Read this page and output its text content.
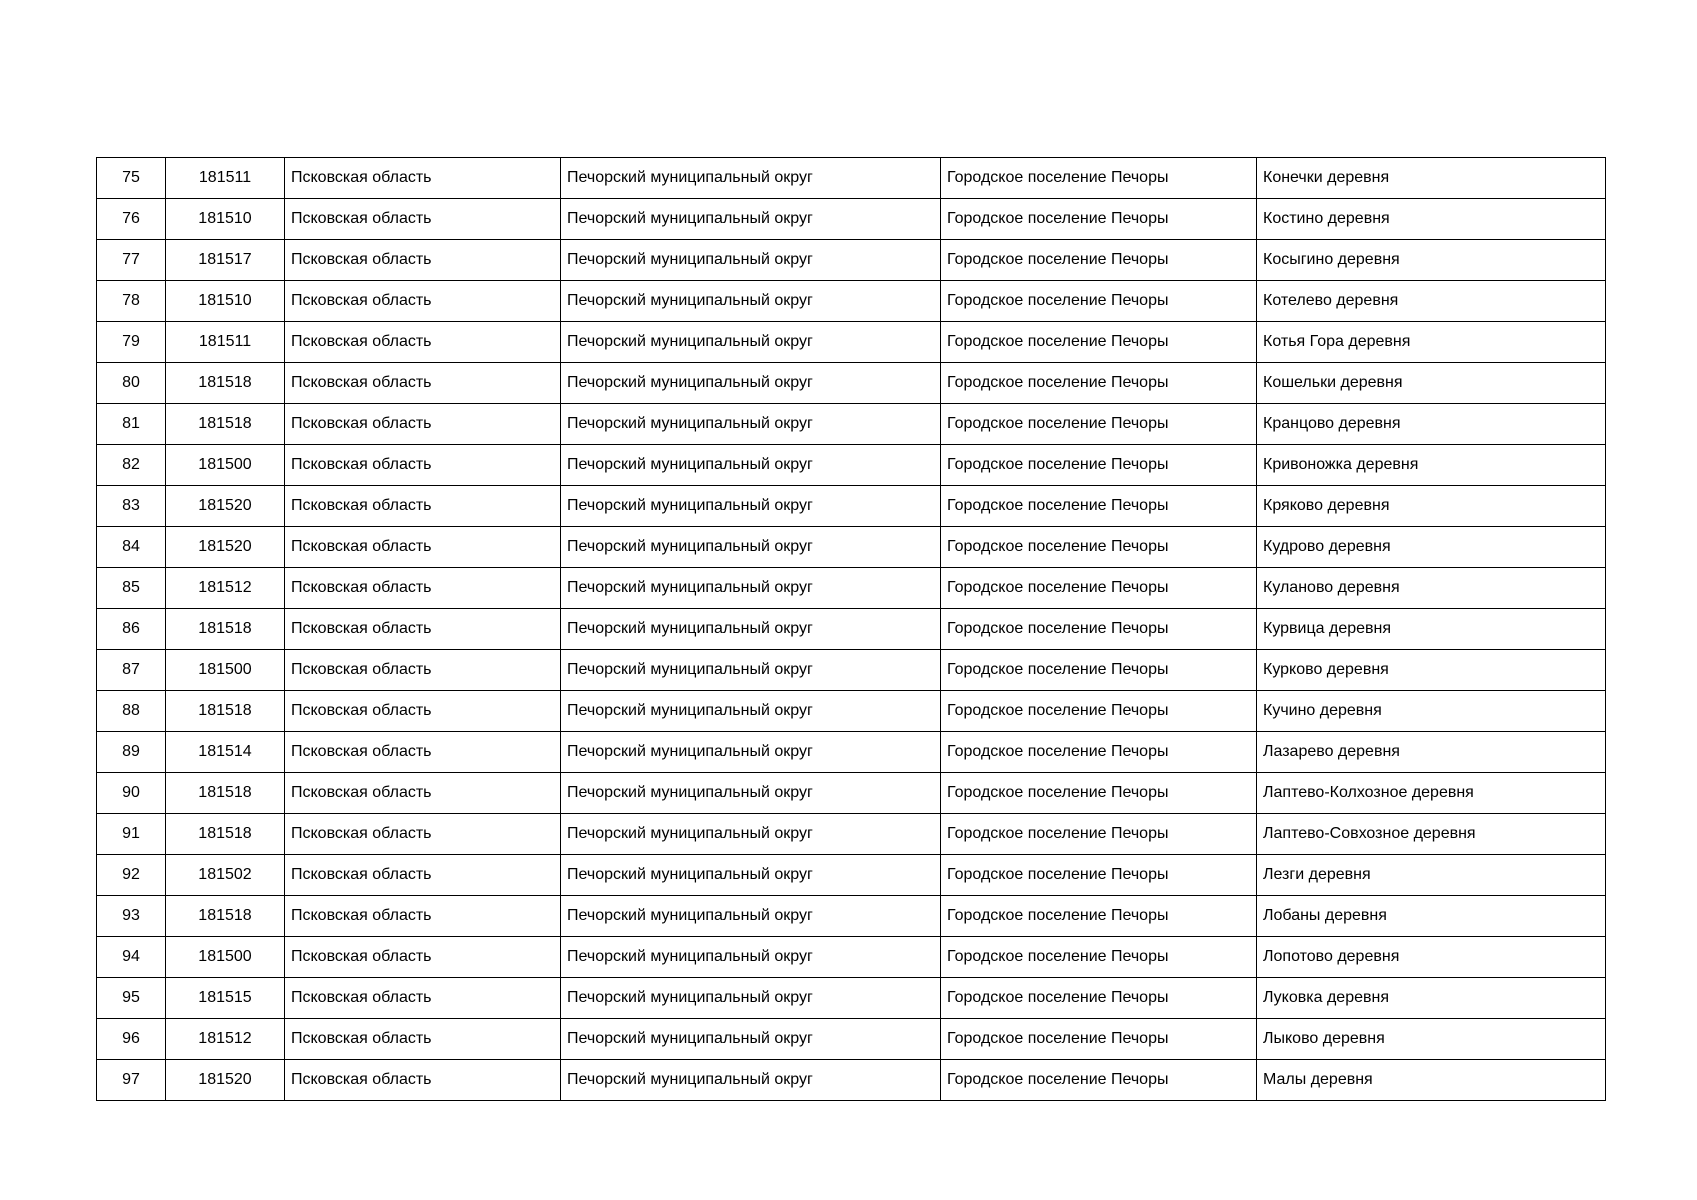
75	181511	Псковская область	Печорский муниципальный округ	Городское поселение Печоры	Конечки деревня
76	181510	Псковская область	Печорский муниципальный округ	Городское поселение Печоры	Костино деревня
77	181517	Псковская область	Печорский муниципальный округ	Городское поселение Печоры	Косыгино деревня
78	181510	Псковская область	Печорский муниципальный округ	Городское поселение Печоры	Котелево деревня
79	181511	Псковская область	Печорский муниципальный округ	Городское поселение Печоры	Котья Гора деревня
80	181518	Псковская область	Печорский муниципальный округ	Городское поселение Печоры	Кошельки деревня
81	181518	Псковская область	Печорский муниципальный округ	Городское поселение Печоры	Кранцово деревня
82	181500	Псковская область	Печорский муниципальный округ	Городское поселение Печоры	Кривоножка деревня
83	181520	Псковская область	Печорский муниципальный округ	Городское поселение Печоры	Кряково деревня
84	181520	Псковская область	Печорский муниципальный округ	Городское поселение Печоры	Кудрово деревня
85	181512	Псковская область	Печорский муниципальный округ	Городское поселение Печоры	Куланово деревня
86	181518	Псковская область	Печорский муниципальный округ	Городское поселение Печоры	Курвица деревня
87	181500	Псковская область	Печорский муниципальный округ	Городское поселение Печоры	Курково деревня
88	181518	Псковская область	Печорский муниципальный округ	Городское поселение Печоры	Кучино деревня
89	181514	Псковская область	Печорский муниципальный округ	Городское поселение Печоры	Лазарево деревня
90	181518	Псковская область	Печорский муниципальный округ	Городское поселение Печоры	Лаптево-Колхозное деревня
91	181518	Псковская область	Печорский муниципальный округ	Городское поселение Печоры	Лаптево-Совхозное деревня
92	181502	Псковская область	Печорский муниципальный округ	Городское поселение Печоры	Лезги деревня
93	181518	Псковская область	Печорский муниципальный округ	Городское поселение Печоры	Лобаны деревня
94	181500	Псковская область	Печорский муниципальный округ	Городское поселение Печоры	Лопотово деревня
95	181515	Псковская область	Печорский муниципальный округ	Городское поселение Печоры	Луковка деревня
96	181512	Псковская область	Печорский муниципальный округ	Городское поселение Печоры	Лыково деревня
97	181520	Псковская область	Печорский муниципальный округ	Городское поселение Печоры	Малы деревня
